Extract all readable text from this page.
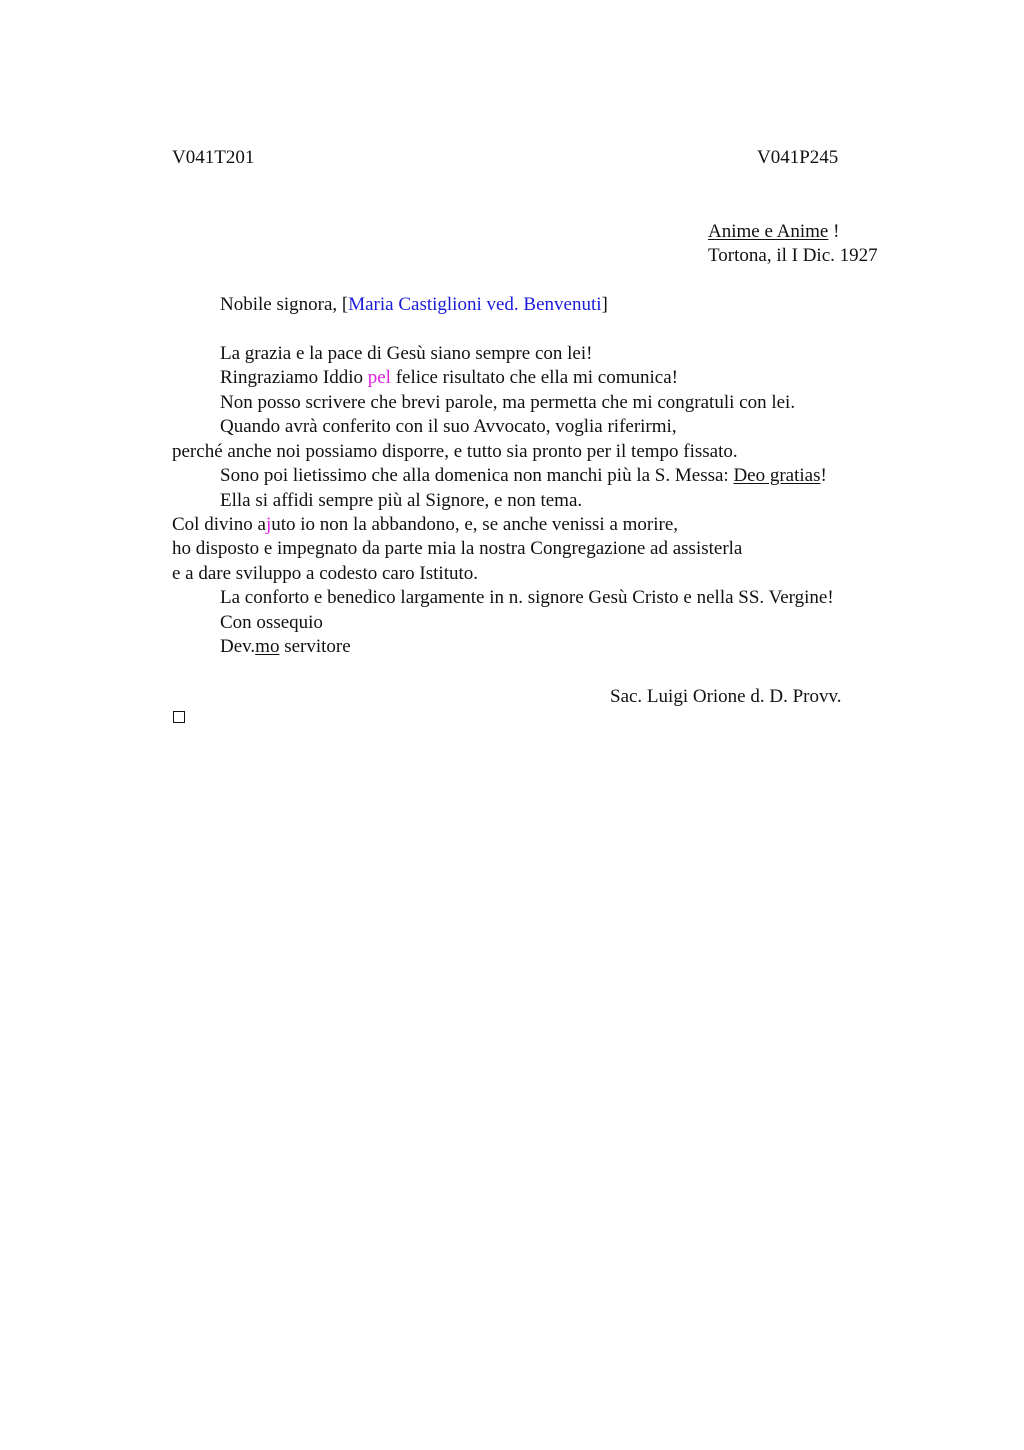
V041T201	V041P245
Anime e Anime !
Tortona, il I Dic. 1927
Nobile signora, [Maria Castiglioni ved. Benvenuti]
La grazia e la pace di Gesù siano sempre con lei!
Ringraziamo Iddio pel felice risultato che ella mi comunica!
Non posso scrivere che brevi parole, ma permetta che mi congratuli con lei.
Quando avrà conferito con il suo Avvocato, voglia riferirmi,
perché anche noi possiamo disporre, e tutto sia pronto per il tempo fissato.
Sono poi lietissimo che alla domenica non manchi più la S. Messa: Deo gratias!
Ella si affidi sempre più al Signore, e non tema.
Col divino ajuto io non la abbandono, e, se anche venissi a morire,
ho disposto e impegnato da parte mia la nostra Congregazione ad assisterla
e a dare sviluppo a codesto caro Istituto.
La conforto e benedico largamente in n. signore Gesù Cristo e nella SS. Vergine!
Con ossequio
Dev.mo servitore
Sac. Luigi Orione d. D. Provv.
